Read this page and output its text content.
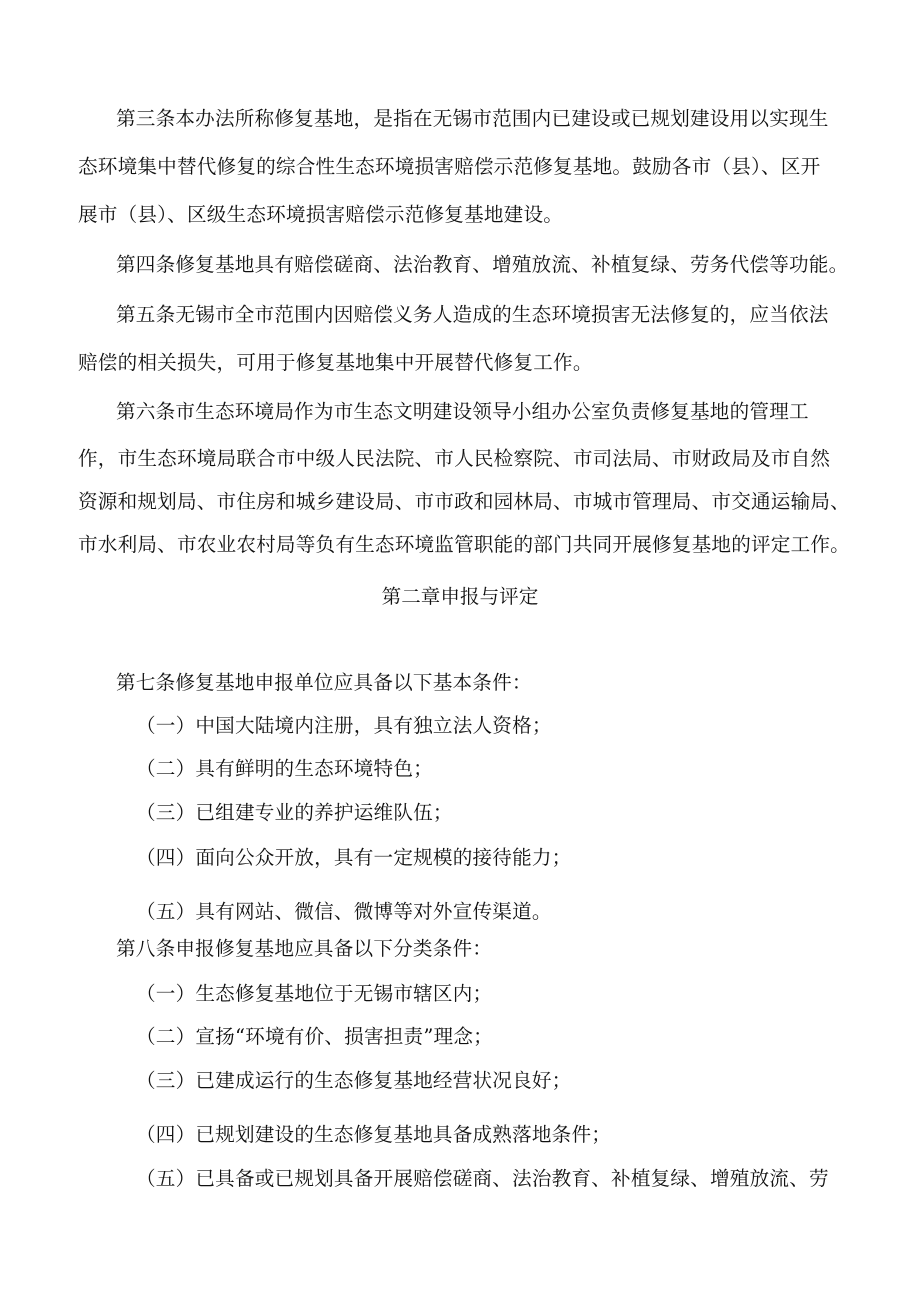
第三条本办法所称修复基地，是指在无锡市范围内已建设或已规划建设用以实现生
态环境集中替代修复的综合性生态环境损害赔偿示范修复基地。鼓励各市（县）、区开
展市（县）、区级生态环境损害赔偿示范修复基地建设。
第四条修复基地具有赔偿磋商、法治教育、增殖放流、补植复绿、劳务代偿等功能。
第五条无锡市全市范围内因赔偿义务人造成的生态环境损害无法修复的，应当依法
赔偿的相关损失，可用于修复基地集中开展替代修复工作。
第六条市生态环境局作为市生态文明建设领导小组办公室负责修复基地的管理工
作，市生态环境局联合市中级人民法院、市人民检察院、市司法局、市财政局及市自然
资源和规划局、市住房和城乡建设局、市市政和园林局、市城市管理局、市交通运输局、
市水利局、市农业农村局等负有生态环境监管职能的部门共同开展修复基地的评定工作。
第二章申报与评定
第七条修复基地申报单位应具备以下基本条件：
（一）中国大陆境内注册，具有独立法人资格；
（二）具有鲜明的生态环境特色；
（三）已组建专业的养护运维队伍；
（四）面向公众开放，具有一定规模的接待能力；
（五）具有网站、微信、微博等对外宣传渠道。
第八条申报修复基地应具备以下分类条件：
（一）生态修复基地位于无锡市辖区内；
（二）宣扬“环境有价、损害担责”理念；
（三）已建成运行的生态修复基地经营状况良好；
（四）已规划建设的生态修复基地具备成熟落地条件；
（五）已具备或已规划具备开展赔偿磋商、法治教育、补植复绿、增殖放流、劳
